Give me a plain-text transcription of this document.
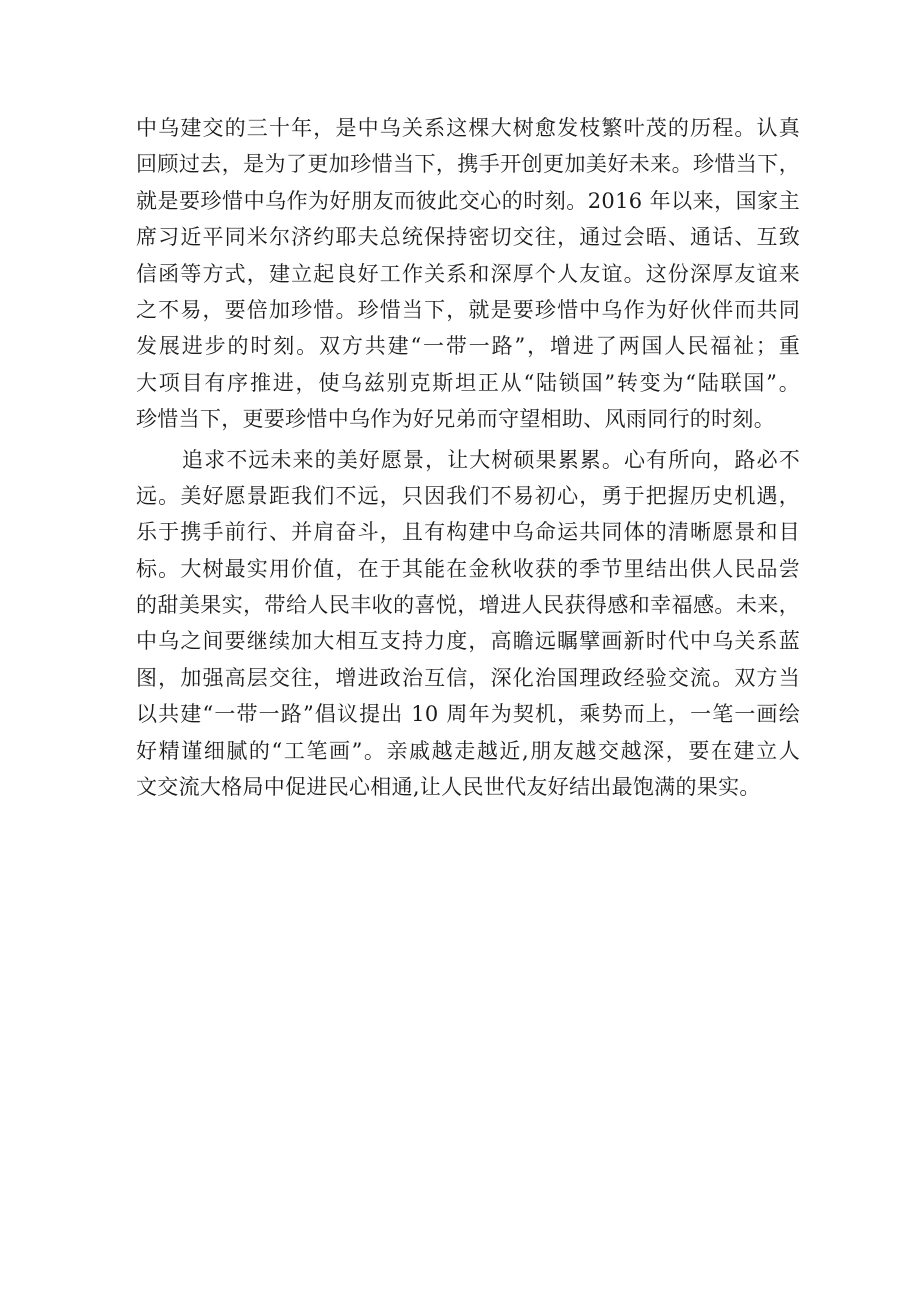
中乌建交的三十年，是中乌关系这棵大树愈发枝繁叶茂的历程。认真
回顾过去，是为了更加珍惜当下，携手开创更加美好未来。珍惜当下，
就是要珍惜中乌作为好朋友而彼此交心的时刻。2016 年以来，国家主
席习近平同米尔济约耶夫总统保持密切交往，通过会晤、通话、互致
信函等方式，建立起良好工作关系和深厚个人友谊。这份深厚友谊来
之不易，要倍加珍惜。珍惜当下，就是要珍惜中乌作为好伙伴而共同
发展进步的时刻。双方共建“一带一路”，增进了两国人民福祉；重
大项目有序推进，使乌兹别克斯坦正从“陆锁国”转变为“陆联国”。
珍惜当下，更要珍惜中乌作为好兄弟而守望相助、风雨同行的时刻。
追求不远未来的美好愿景，让大树硕果累累。心有所向，路必不
远。美好愿景距我们不远，只因我们不易初心，勇于把握历史机遇，
乐于携手前行、并肩奋斗，且有构建中乌命运共同体的清晰愿景和目
标。大树最实用价值，在于其能在金秋收获的季节里结出供人民品尝
的甜美果实，带给人民丰收的喜悦，增进人民获得感和幸福感。未来，
中乌之间要继续加大相互支持力度，高瞻远瞩擘画新时代中乌关系蓝
图，加强高层交往，增进政治互信，深化治国理政经验交流。双方当
以共建“一带一路”倡议提出 10 周年为契机，乘势而上，一笔一画绘
好精谨细腻的“工笔画”。亲戚越走越近,朋友越交越深，要在建立人
文交流大格局中促进民心相通,让人民世代友好结出最饱满的果实。
